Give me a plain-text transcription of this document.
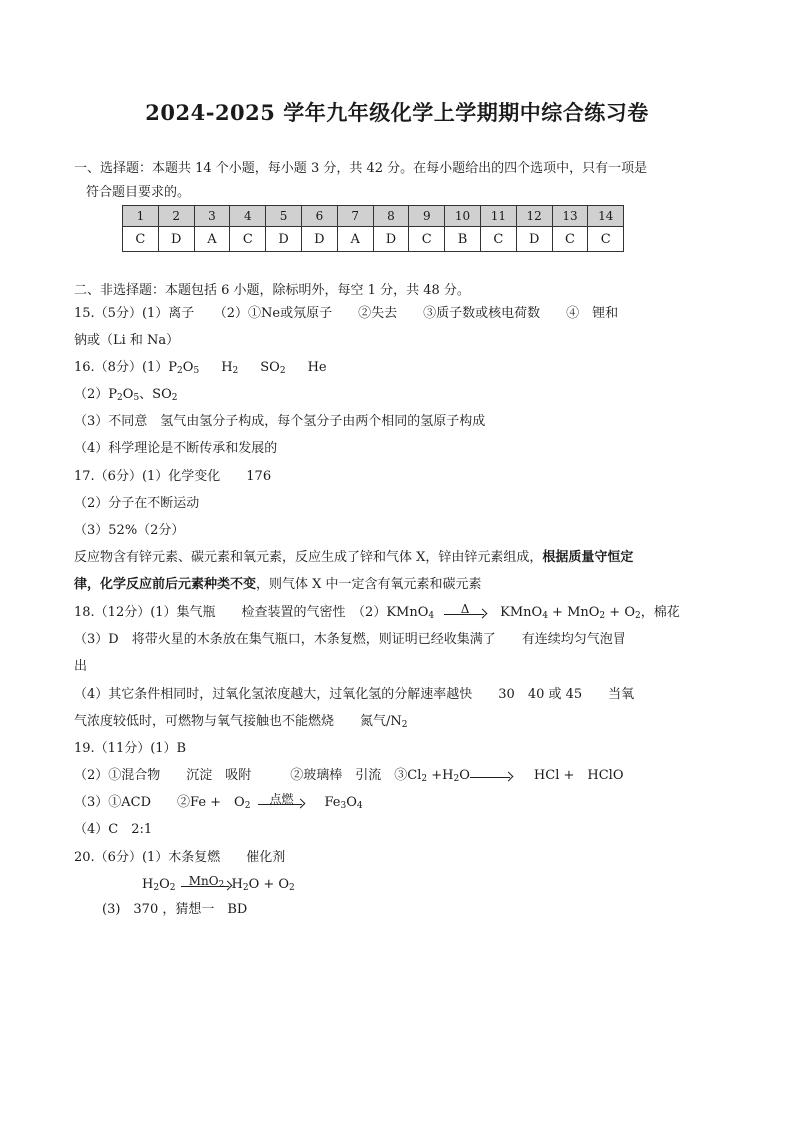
2024-2025 学年九年级化学上学期期中综合练习卷
一、选择题：本题共 14 个小题，每小题 3 分，共 42 分。在每小题给出的四个选项中，只有一项是
符合题目要求的。
1	2	3	4	5	6	7	8	9	10	11	12	13	14
C	D	A	C	D	D	A	D	C	B	C	D	C	C
二、非选择题：本题包括 6 小题，除标明外，每空 1 分，共 48 分。
15.（5分）(1）离子　　（2）①Ne或氖原子　　②失去　　③质子数或核电荷数　　④　锂和
钠或（Li 和 Na）
16.（8分）$(1)P_2O_5$ $H_2$ $SO_2$ He
$(2)P_2O_5$、$SO_2$
（3）不同意　氢气由氢分子构成，每个氢分子由两个相同的氢原子构成
（4）科学理论是不断传承和发展的
17.（6分）(1）化学变化　　176
（2）分子在不断运动
（3）52%（2分）
反应物含有锌元素、碳元素和氧元素，反应生成了锌和气体 X，锌由锌元素组成，根据质量守恒定
律，化学反应前后元素种类不变，则气体 X 中一定含有氧元素和碳元素
18.（12分）(1）集气瓶　　检查装置的气密性　（2）KMnO$_4$
Δ	KMnO$_4$ + $MnO_2 + O_2$，棉花
（3）D　将带火星的木条放在集气瓶口，木条复燃，则证明已经收集满了　　有连续均匀气泡冒
出
（4）其它条件相同时，过氧化氢浓度越大，过氧化氢的分解速率越快　　30　40 或 45　　当氧
气浓度较低时，可燃物与氧气接触也不能燃烧　　氮气$/N_2$
19.（11分）(1）B
（2）①混合物　　沉淀　吸附　　　②玻璃棒　引流　$③Cl_2 +H_2O$	HCl +　HClO
（3）①ACD　　②Fe +　$O_2$
点燃	$Fe_3O_4$
（4）C　2:1
20.（6分）(1）木条复燃　　催化剂
$H_2O_2$
MnO$_2$ $H_2O + O_2$
(3)　370 ，猜想一　BD
